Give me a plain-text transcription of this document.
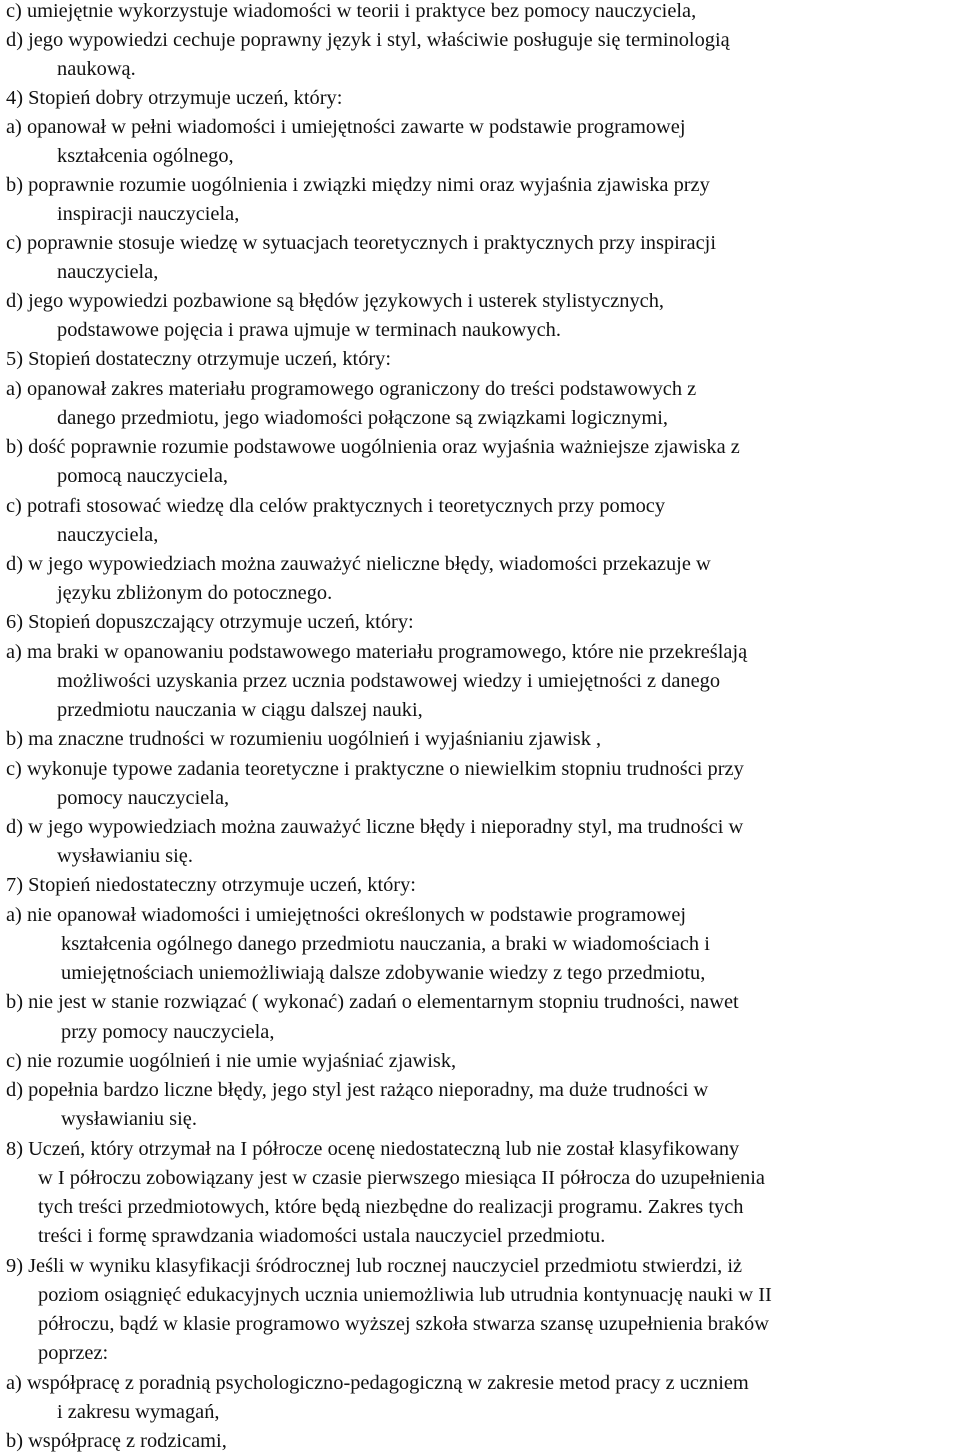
c) umiejętnie wykorzystuje wiadomości w teorii i praktyce bez pomocy nauczyciela,
d) jego wypowiedzi cechuje poprawny język i styl, właściwie posługuje się terminologią
naukową.
4) Stopień dobry otrzymuje uczeń, który:
a) opanował w pełni wiadomości i umiejętności zawarte w podstawie programowej
kształcenia ogólnego,
b) poprawnie rozumie uogólnienia i związki między nimi oraz wyjaśnia zjawiska przy
inspiracji nauczyciela,
c) poprawnie stosuje wiedzę w sytuacjach teoretycznych i praktycznych przy inspiracji
nauczyciela,
d) jego wypowiedzi pozbawione są błędów językowych i usterek stylistycznych,
podstawowe pojęcia i prawa ujmuje w terminach naukowych.
5) Stopień dostateczny otrzymuje uczeń, który:
a) opanował zakres materiału programowego ograniczony do treści podstawowych z
danego przedmiotu, jego wiadomości połączone są związkami logicznymi,
b) dość poprawnie rozumie podstawowe uogólnienia oraz wyjaśnia ważniejsze zjawiska z
pomocą nauczyciela,
c) potrafi stosować wiedzę dla celów praktycznych i teoretycznych przy pomocy
nauczyciela,
d) w jego wypowiedziach można zauważyć nieliczne błędy, wiadomości przekazuje w
języku zbliżonym do potocznego.
6) Stopień dopuszczający otrzymuje uczeń, który:
a) ma braki w opanowaniu podstawowego materiału programowego, które nie przekreślają
możliwości uzyskania przez ucznia podstawowej wiedzy i umiejętności z danego
przedmiotu nauczania w ciągu dalszej nauki,
b) ma znaczne trudności w rozumieniu uogólnień i wyjaśnianiu zjawisk ,
c) wykonuje typowe zadania teoretyczne i praktyczne o niewielkim stopniu trudności przy
pomocy nauczyciela,
d) w jego wypowiedziach można zauważyć liczne błędy i nieporadny styl, ma trudności w
wysławianiu się.
7) Stopień niedostateczny otrzymuje uczeń, który:
a) nie opanował wiadomości i umiejętności określonych w podstawie programowej
kształcenia ogólnego danego przedmiotu nauczania, a braki w wiadomościach i
umiejętnościach uniemożliwiają dalsze zdobywanie wiedzy z tego przedmiotu,
b) nie jest w stanie rozwiązać ( wykonać) zadań o elementarnym stopniu trudności, nawet
przy pomocy nauczyciela,
c) nie rozumie uogólnień i nie umie wyjaśniać zjawisk,
d) popełnia bardzo liczne błędy, jego styl jest rażąco nieporadny, ma duże trudności w
wysławianiu się.
8) Uczeń, który otrzymał na I półrocze ocenę niedostateczną lub nie został klasyfikowany
w I półroczu zobowiązany jest w czasie pierwszego miesiąca II półrocza do uzupełnienia
tych treści przedmiotowych, które będą niezbędne do realizacji programu. Zakres tych
treści i formę sprawdzania wiadomości ustala nauczyciel przedmiotu.
9) Jeśli w wyniku klasyfikacji śródrocznej lub rocznej nauczyciel przedmiotu stwierdzi, iż
poziom osiągnięć edukacyjnych ucznia uniemożliwia lub utrudnia kontynuację nauki w II
półroczu, bądź w klasie programowo wyższej szkoła stwarza szansę uzupełnienia braków
poprzez:
a) współpracę z poradnią psychologiczno-pedagogiczną w zakresie metod pracy z uczniem
i zakresu wymagań,
b) współpracę z rodzicami,
